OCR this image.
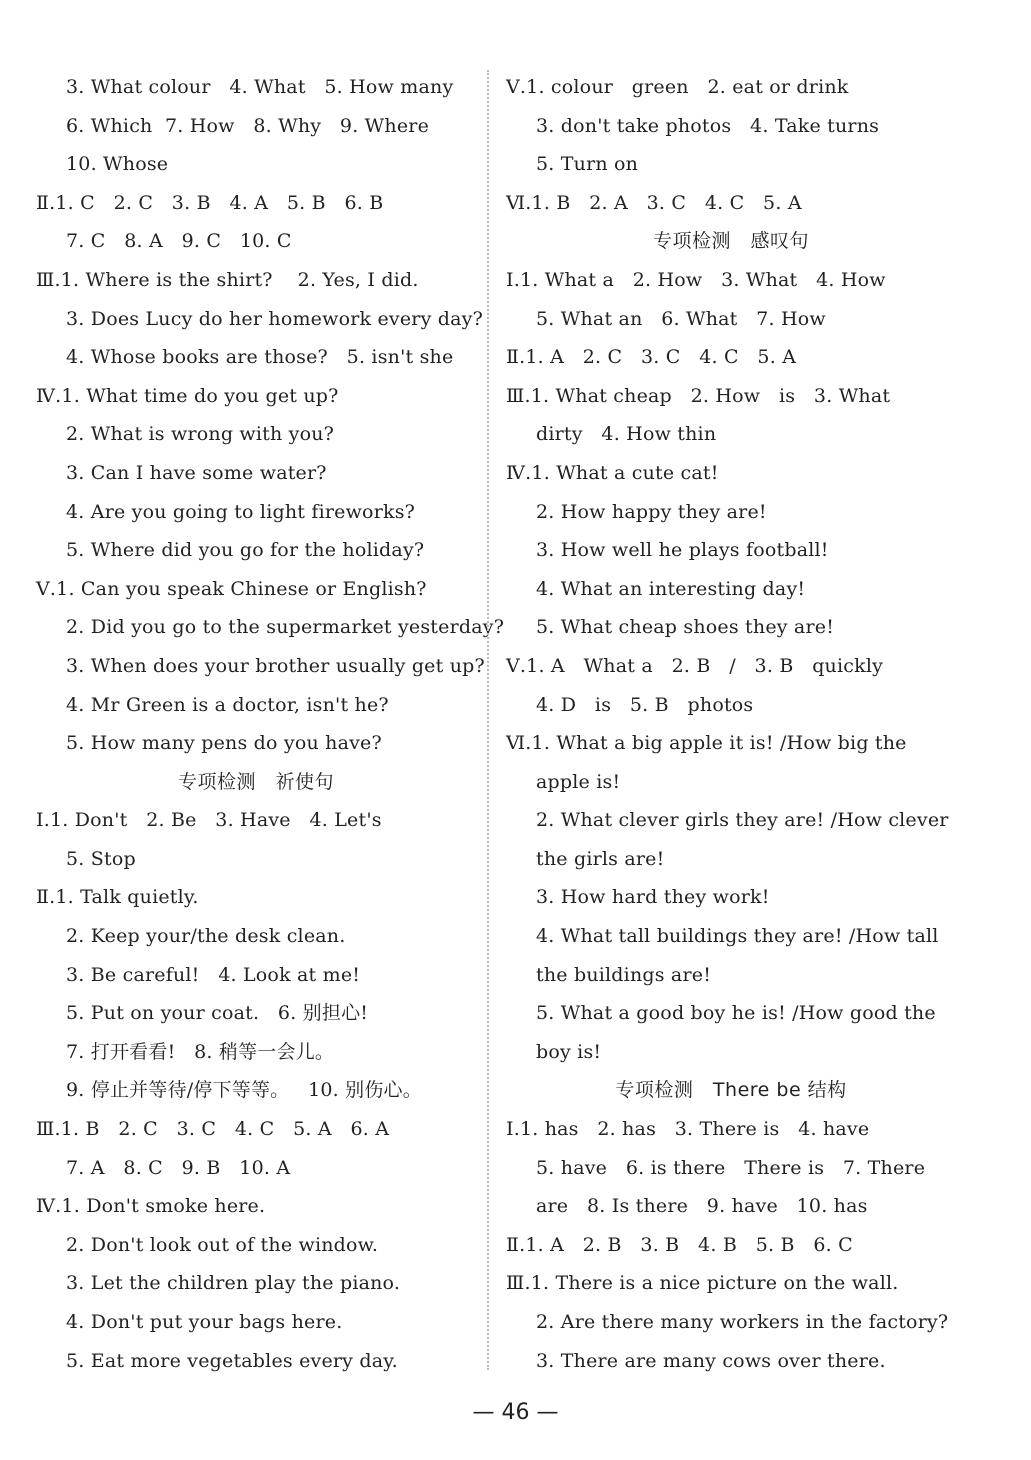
3. What colour   4. What   5. How many
6. Which  7. How   8. Why   9. Where
10. Whose
Ⅱ.1. C   2. C   3. B   4. A   5. B   6. B
7. C   8. A   9. C   10. C
Ⅲ.1. Where is the shirt?    2. Yes, I did.
3. Does Lucy do her homework every day?
4. Whose books are those?   5. isn't she
Ⅳ.1. What time do you get up?
2. What is wrong with you?
3. Can I have some water?
4. Are you going to light fireworks?
5. Where did you go for the holiday?
Ⅴ.1. Can you speak Chinese or English?
2. Did you go to the supermarket yesterday?
3. When does your brother usually get up?
4. Mr Green is a doctor, isn't he?
5. How many pens do you have?
专项检测   祈使句
Ⅰ.1. Don't   2. Be   3. Have   4. Let's
5. Stop
Ⅱ.1. Talk quietly.
2. Keep your/the desk clean.
3. Be careful!   4. Look at me!
5. Put on your coat.   6. 别担心!
7. 打开看看!   8. 稍等一会儿。
9. 停止并等待/停下等等。   10. 别伤心。
Ⅲ.1. B   2. C   3. C   4. C   5. A   6. A
7. A   8. C   9. B   10. A
Ⅳ.1. Don't smoke here.
2. Don't look out of the window.
3. Let the children play the piano.
4. Don't put your bags here.
5. Eat more vegetables every day.
Ⅴ.1. colour   green   2. eat or drink
3. don't take photos   4. Take turns
5. Turn on
Ⅵ.1. B   2. A   3. C   4. C   5. A
专项检测   感叹句
Ⅰ.1. What a   2. How   3. What   4. How
5. What an   6. What   7. How
Ⅱ.1. A   2. C   3. C   4. C   5. A
Ⅲ.1. What cheap   2. How   is   3. What
dirty   4. How thin
Ⅳ.1. What a cute cat!
2. How happy they are!
3. How well he plays football!
4. What an interesting day!
5. What cheap shoes they are!
Ⅴ.1. A   What a   2. B   /   3. B   quickly
4. D   is   5. B   photos
Ⅵ.1. What a big apple it is! /How big the
apple is!
2. What clever girls they are! /How clever
the girls are!
3. How hard they work!
4. What tall buildings they are! /How tall
the buildings are!
5. What a good boy he is! /How good the
boy is!
专项检测   There be 结构
Ⅰ.1. has   2. has   3. There is   4. have
5. have   6. is there   There is   7. There
are   8. Is there   9. have   10. has
Ⅱ.1. A   2. B   3. B   4. B   5. B   6. C
Ⅲ.1. There is a nice picture on the wall.
2. Are there many workers in the factory?
3. There are many cows over there.
— 46 —
